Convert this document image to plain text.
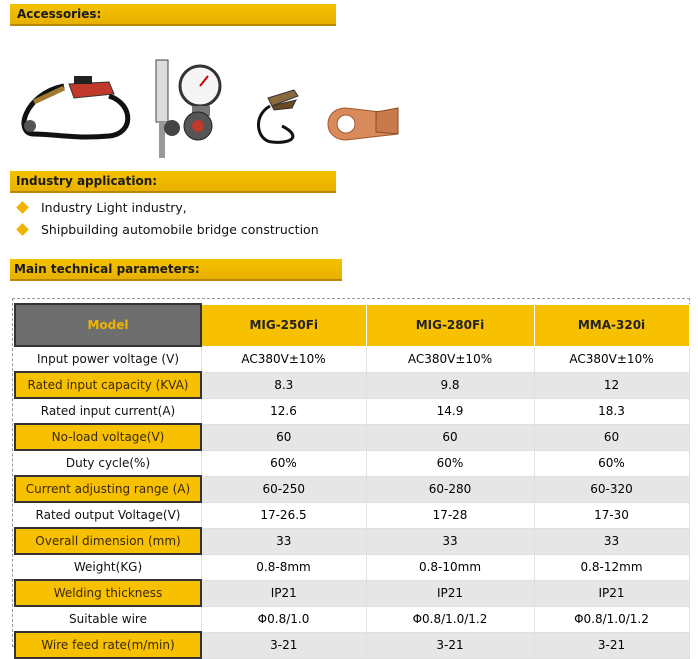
Accessories:
Industry application:
Industry Light industry,
Shipbuilding automobile bridge construction
Main technical parameters:
Model	MIG-250Fi	MIG-280Fi	MMA-320i
Input power voltage (V)	AC380V±10%	AC380V±10%	AC380V±10%
Rated input capacity (KVA)	8.3	9.8	12
Rated input current(A)	12.6	14.9	18.3
No-load voltage(V)	60	60	60
Duty cycle(%)	60%	60%	60%
Current adjusting range (A)	60-250	60-280	60-320
Rated output Voltage(V)	17-26.5	17-28	17-30
Overall dimension (mm)	33	33	33
Weight(KG)	0.8-8mm	0.8-10mm	0.8-12mm
Welding thickness	IP21	IP21	IP21
Suitable wire	Φ0.8/1.0	Φ0.8/1.0/1.2	Φ0.8/1.0/1.2
Wire feed rate(m/min)	3-21	3-21	3-21
